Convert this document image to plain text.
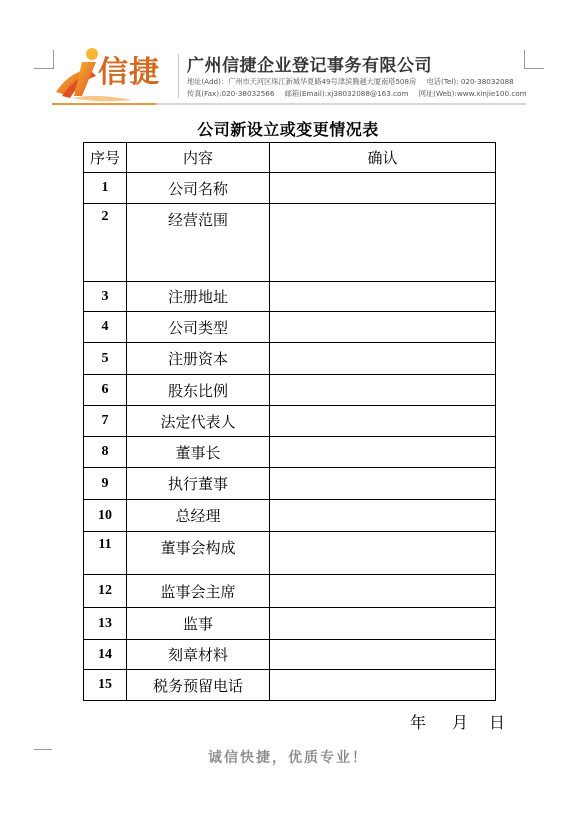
信捷 广州信捷企业登记事务有限公司
地址(Add)：广州市天河区珠江新城华夏路49号津滨腾越大厦南塔508房 电话(Tel): 020-38032088
传真(Fax):020-38032566 邮箱(Email):xj38032088@163.com 网址(Web):www.xinjie100.com
公司新设立或变更情况表
序号	内容	确认
1	公司名称	
2	经营范围	
3	注册地址	
4	公司类型	
5	注册资本	
6	股东比例	
7	法定代表人	
8	董事长	
9	执行董事	
10	总经理	
11	董事会构成	
12	监事会主席	
13	监事	
14	刻章材料	
15	税务预留电话	
年 月 日
诚信快捷，优质专业！
